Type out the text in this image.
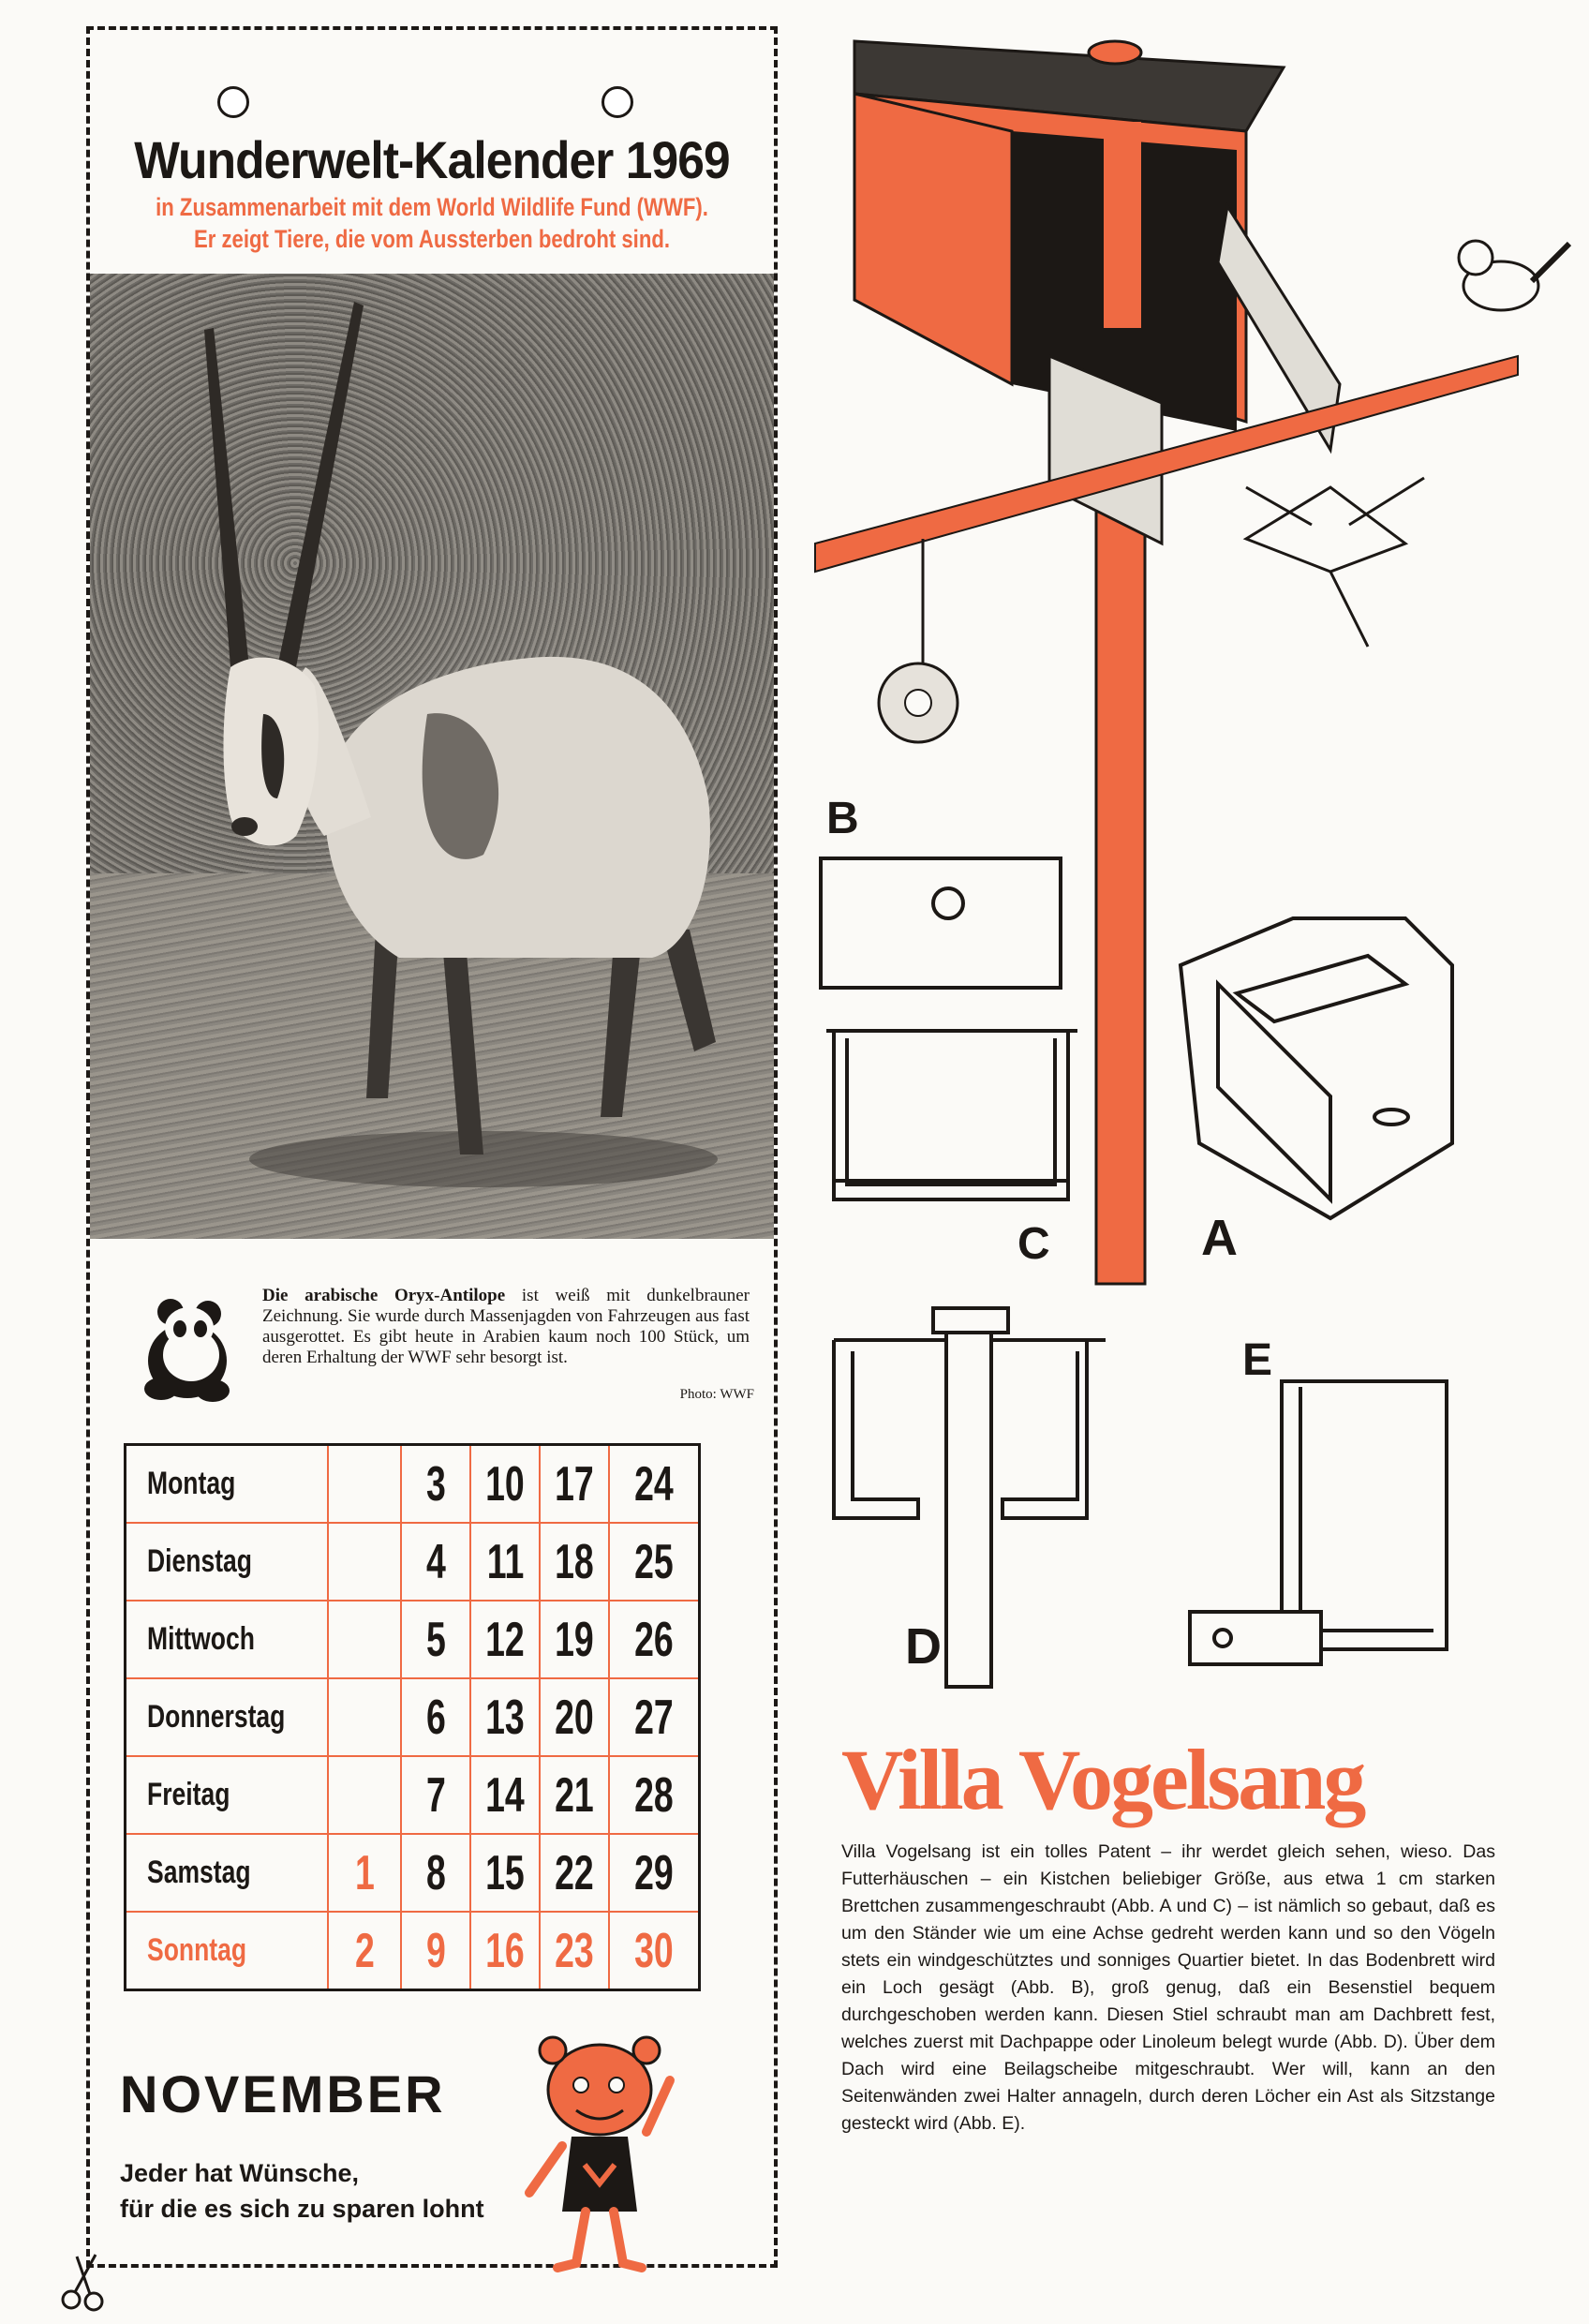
Wunderwelt-Kalender 1969
in Zusammenarbeit mit dem World Wildlife Fund (WWF).
Er zeigt Tiere, die vom Aussterben bedroht sind.
Die arabische Oryx-Antilope ist weiß mit dunkelbrauner Zeichnung. Sie wurde durch Massenjagden von Fahrzeugen aus fast ausgerottet. Es gibt heute in Arabien kaum noch 100 Stück, um deren Erhaltung der WWF sehr besorgt ist.
Photo: WWF
Montag		3	10	17	24
Dienstag		4	11	18	25
Mittwoch		5	12	19	26
Donnerstag		6	13	20	27
Freitag		7	14	21	28
Samstag	1	8	15	22	29
Sonntag	2	9	16	23	30
NOVEMBER
Jeder hat Wünsche,
für die es sich zu sparen lohnt
B
C	A
D
E
Villa Vogelsang
Villa Vogelsang ist ein tolles Patent – ihr werdet gleich sehen, wieso. Das Futterhäuschen – ein Kistchen beliebiger Größe, aus etwa 1 cm starken Brettchen zusammengeschraubt (Abb. A und C) – ist nämlich so gebaut, daß es um den Ständer wie um eine Achse gedreht werden kann und so den Vögeln stets ein windgeschütztes und sonniges Quartier bietet. In das Bodenbrett wird ein Loch gesägt (Abb. B), groß genug, daß ein Besenstiel bequem durchgeschoben werden kann. Diesen Stiel schraubt man am Dachbrett fest, welches zuerst mit Dachpappe oder Linoleum belegt wurde (Abb. D). Über dem Dach wird eine Beilagscheibe mitgeschraubt. Wer will, kann an den Seitenwänden zwei Halter annageln, durch deren Löcher ein Ast als Sitzstange gesteckt wird (Abb. E).
